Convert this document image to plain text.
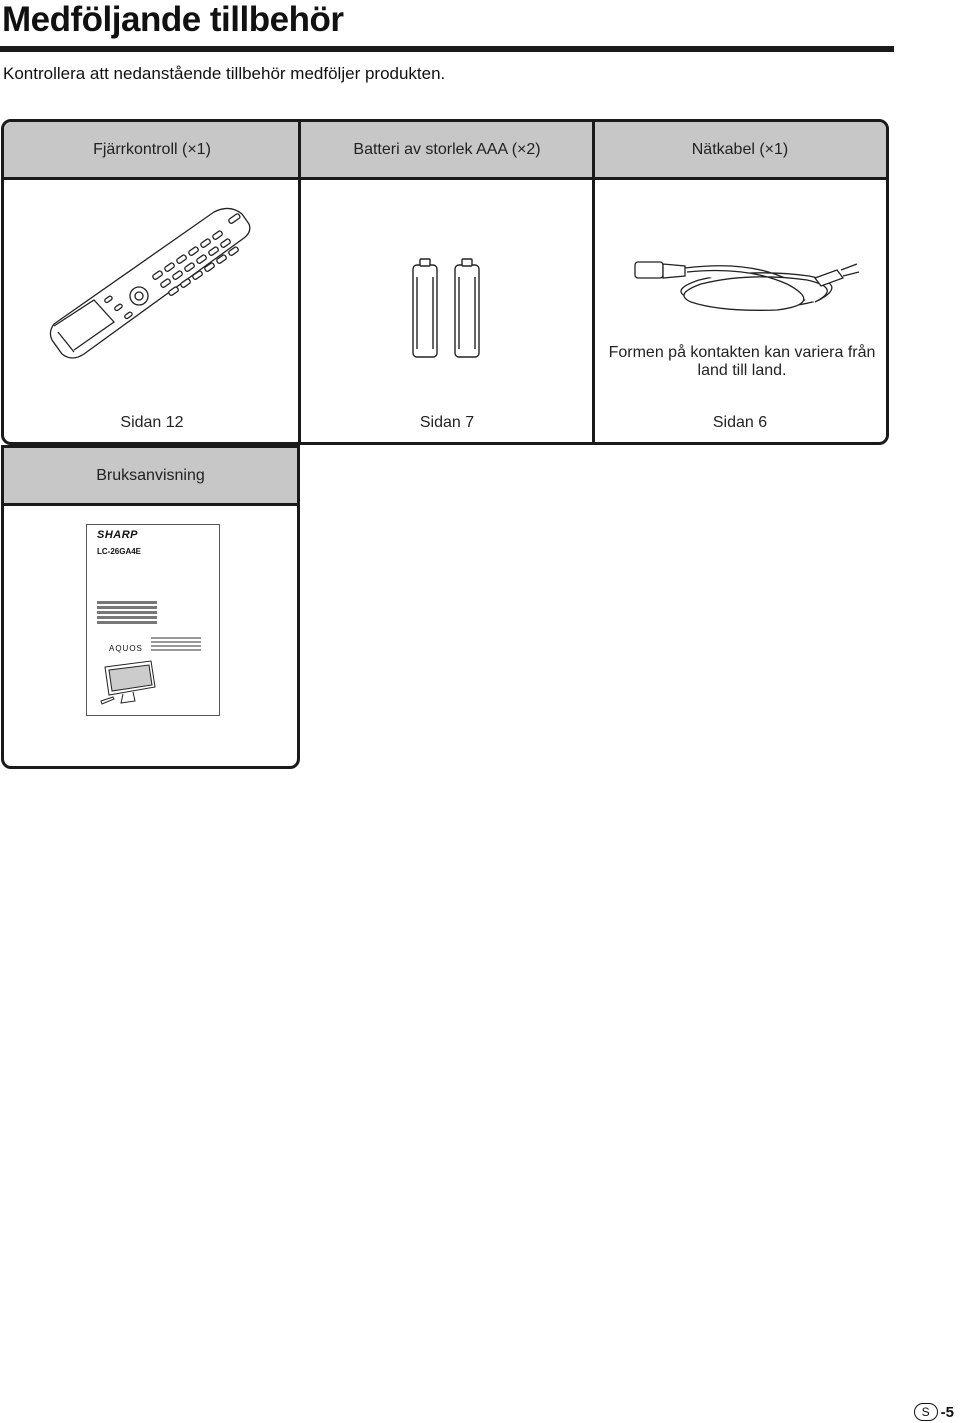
Medföljande tillbehör
Kontrollera att nedanstående tillbehör medföljer produkten.
Fjärrkontroll (×1)	Batteri av storlek AAA (×2)	Nätkabel (×1)
Formen på kontakten kan variera från land till land.
Sidan 12	Sidan 7	Sidan 6
Bruksanvisning
SHARP
LC-26GA4E
AQUOS
S -5
